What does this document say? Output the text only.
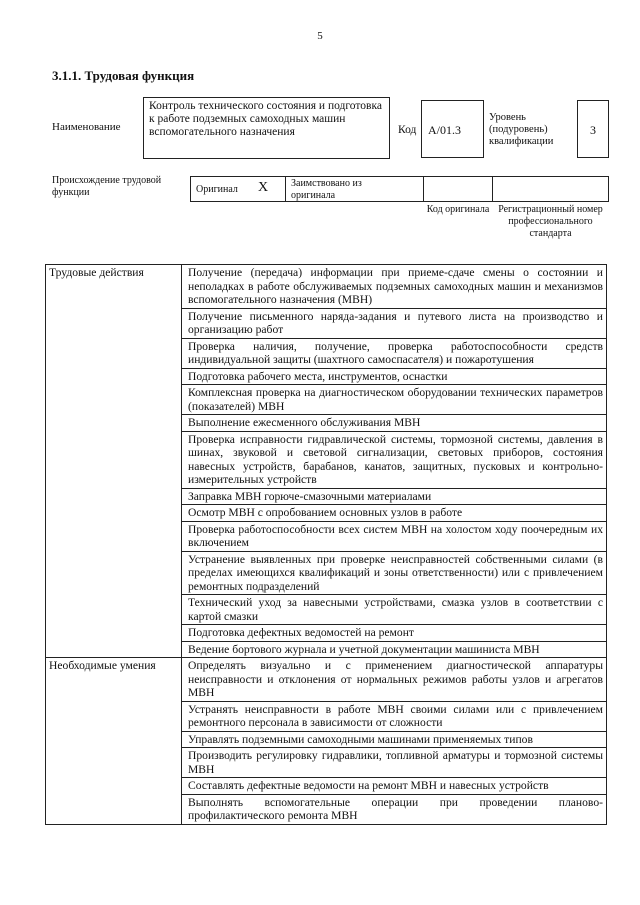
5
3.1.1. Трудовая функция
Наименование
Контроль технического состояния и подготовка к работе подземных самоходных машин вспомогательного назначения	Код А/01.3
Уровень (подуровень) квалификации
3
Происхождение трудовой функции	Оригинал X Заимствовано из оригинала
Код оригинала Регистрационный номер профессионального стандарта
Трудовые действия	Получение (передача) информации при приеме-сдаче смены о состоянии и неполадках в работе обслуживаемых подземных самоходных машин и механизмов вспомогательного назначения (МВН)
	Получение письменного наряда-задания и путевого листа на производство и организацию работ
	Проверка наличия, получение, проверка работоспособности средств индивидуальной защиты (шахтного самоспасателя) и пожаротушения
	Подготовка рабочего места, инструментов, оснастки
	Комплексная проверка на диагностическом оборудовании технических параметров (показателей) МВН
	Выполнение ежесменного обслуживания МВН
	Проверка исправности гидравлической системы, тормозной системы, давления в шинах, звуковой и световой сигнализации, световых приборов, состояния навесных устройств, барабанов, канатов, защитных, пусковых и контрольно-измерительных устройств
	Заправка МВН горюче-смазочными материалами
	Осмотр МВН с опробованием основных узлов в работе
	Проверка работоспособности всех систем МВН на холостом ходу поочередным их включением
	Устранение выявленных при проверке неисправностей собственными силами (в пределах имеющихся квалификаций и зоны ответственности) или с привлечением ремонтных подразделений
	Технический уход за навесными устройствами, смазка узлов в соответствии с картой смазки
	Подготовка дефектных ведомостей на ремонт
	Ведение бортового журнала и учетной документации машиниста МВН
Необходимые умения	Определять визуально и с применением диагностической аппаратуры неисправности и отклонения от нормальных режимов работы узлов и агрегатов МВН
	Устранять неисправности в работе МВН своими силами или с привлечением ремонтного персонала в зависимости от сложности
	Управлять подземными самоходными машинами применяемых типов
	Производить регулировку гидравлики, топливной арматуры и тормозной системы МВН
	Составлять дефектные ведомости на ремонт МВН и навесных устройств
	Выполнять вспомогательные операции при проведении планово-профилактического ремонта МВН
